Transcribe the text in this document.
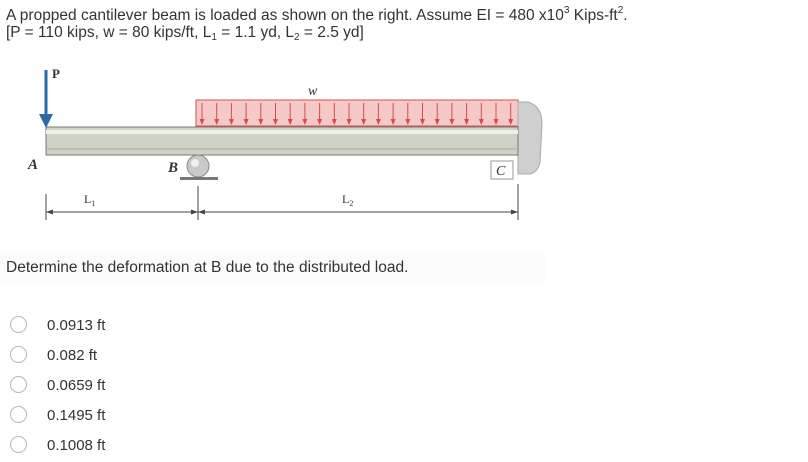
A propped cantilever beam is loaded as shown on the right. Assume EI = 480 $x10^3$ Kips-$ft^2$.
[P = 110 kips, w = 80 kips/ft, $L_1 = 1.1$ yd, $L_2 = 2.5$ yd]
P
w
A	B	C
$L_1$	$L_2$
Determine the deformation at B due to the distributed load.
0.0913 ft
0.082 ft
0.0659 ft
0.1495 ft
0.1008 ft
